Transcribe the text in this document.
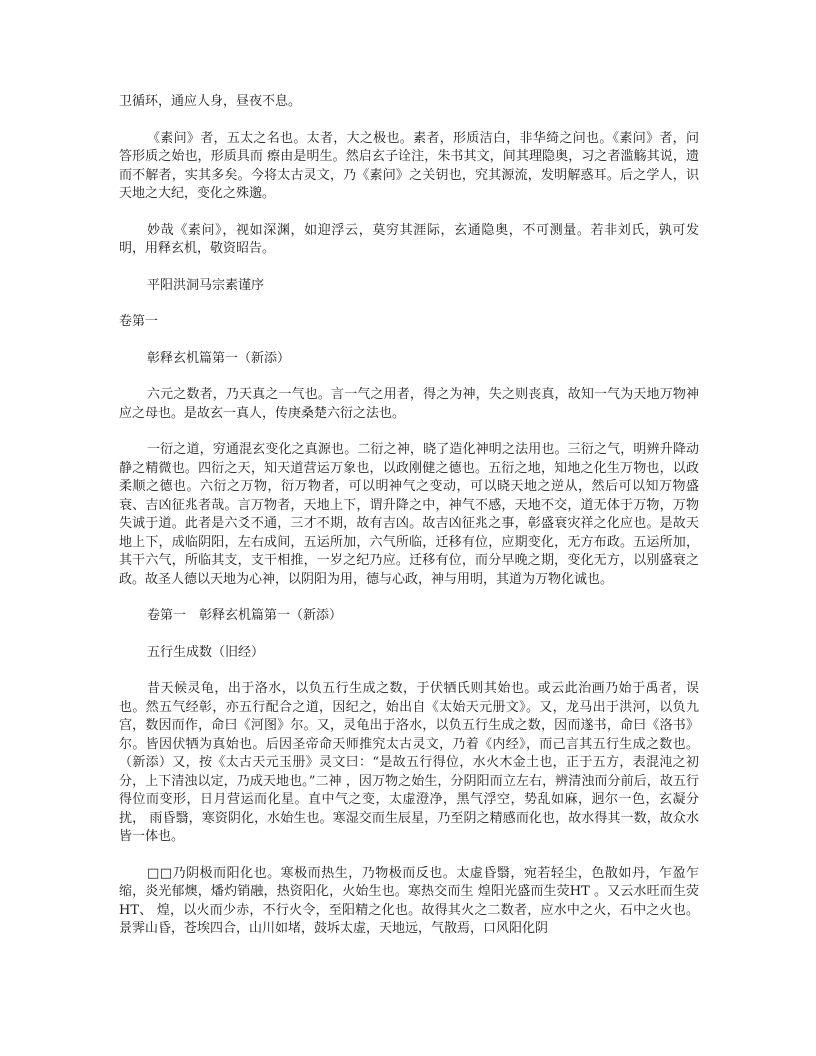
卫循环，通应人身，昼夜不息。

《素问》者，五太之名也。太者，大之极也。素者，形质洁白，非华绮之问也。《素问》者，问答形质之始也，形质具而 瘵由是明生。然启玄子诠注，朱书其文，间其理隐奥，习之者滥觞其说，遗而不解者，实其多矣。今将太古灵文，乃《素问》之关钥也，究其源流，发明解惑耳。后之学人，识天地之大纪，变化之殊邈。

妙哉《素问》，视如深渊，如迎浮云，莫穷其涯际，玄通隐奥，不可测量。若非刘氏，孰可发明，用释玄机，敬资昭告。

平阳洪洞马宗素谨序

卷第一

彰释玄机篇第一（新添）

六元之数者，乃天真之一气也。言一气之用者，得之为神，失之则丧真，故知一气为天地万物神应之母也。是故玄一真人，传庚桑楚六衍之法也。

一衍之道，穷通混玄变化之真源也。二衍之神，晓了造化神明之法用也。三衍之气，明辨升降动静之精微也。四衍之天，知天道营运万象也，以政刚健之德也。五衍之地，知地之化生万物也，以政柔顺之德也。六衍之万物，衍万物者，可以明神气之变动，可以晓天地之逆从，然后可以知万物盛衰、吉凶征兆者哉。言万物者，天地上下，谓升降之中，神气不感，天地不交，道无体于万物，万物失诚于道。此者是六爻不通，三才不期，故有吉凶。故吉凶征兆之事，彰盛衰灾祥之化应也。是故天地上下，成临阴阳，左右成间，五运所加，六气所临，迁移有位，应期变化，无方布政。五运所加，其干六气，所临其支，支干相推，一岁之纪乃应。迁移有位，而分早晚之期，变化无方，以别盛衰之政。故圣人德以天地为心神，以阴阳为用，德与心政，神与用明，其道为万物化诚也。

卷第一　彰释玄机篇第一（新添）

五行生成数（旧经）

昔天候灵龟，出于洛水，以负五行生成之数，于伏牺氏则其始也。或云此治画乃始于禹者，误也。然五气经彰，亦五行配合之道，因纪之，始出自《太始天元册文》。又，龙马出于洪河，以负九宫，数因而作，命曰《河图》尔。又，灵龟出于洛水，以负五行生成之数，因而遂书，命曰《洛书》尔。皆因伏牺为真始也。后因圣帝命天师推究太古灵文，乃着《内经》，而己言其五行生成之数也。（新添）又，按《太古天元玉册》灵文曰：“是故五行得位，水火木金土也，正于五方，表混沌之初分，上下清浊以定，乃成天地也。”二神 ，因万物之始生，分阴阳而立左右，辨清浊而分前后，故五行得位而变形，日月营运而化星。直中气之变，太虚澄净，黑气浮空，势乱如麻，迥尔一色，玄凝分扰， 雨昏翳，寒资阴化，水始生也。寒湿交而生辰星，乃至阴之精感而化也，故水得其一数，故众水皆一体也。

□□乃阴极而阳化也。寒极而热生，乃物极而反也。太虚昏翳，宛若轻尘，色散如丹，乍盈乍缩，炎光郁燠，燔灼销融，热资阳化，火始生也。寒热交而生 煌阳光盛而生荧HT 。又云水旺而生荧HT、 煌，以火而少赤，不行火令，至阳精之化也。故得其火之二数者，应水中之火，石中之火也。景霁山昏，苍埃四合，山川如堵，鼓坼太虚，天地远，气散焉，口风阳化阴
